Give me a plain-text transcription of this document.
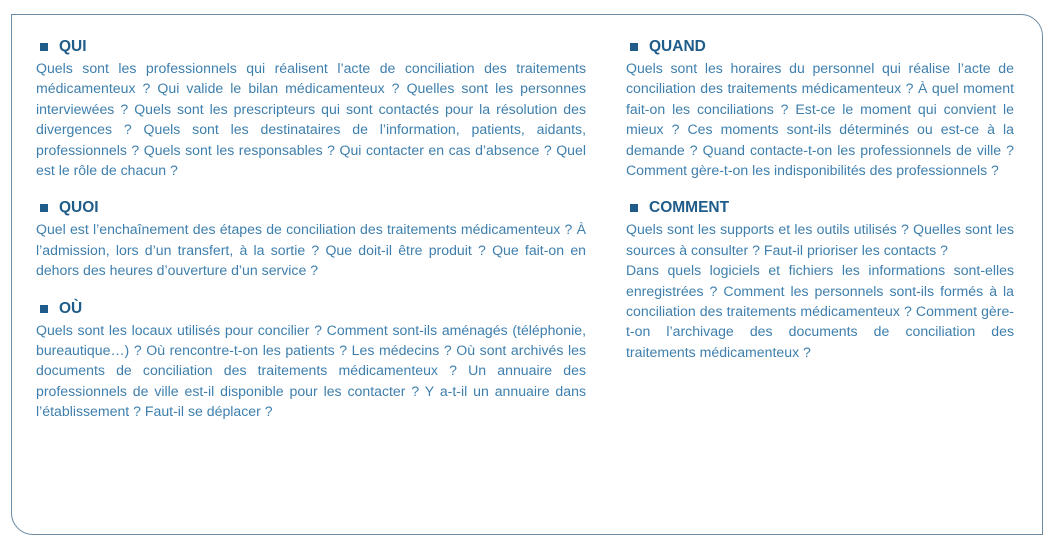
QUI

Quels sont les professionnels qui réalisent l’acte de conciliation des traitements médicamenteux ? Qui valide le bilan médicamenteux ? Quelles sont les personnes interviewées ? Quels sont les prescripteurs qui sont contactés pour la résolution des divergences ? Quels sont les destinataires de l’information, patients, aidants, professionnels ? Quels sont les responsables ? Qui contacter en cas d’absence ? Quel est le rôle de chacun ?

QUOI

Quel est l’enchaînement des étapes de conciliation des traitements médicamenteux ? À l’admission, lors d’un transfert, à la sortie ? Que doit-il être produit ? Que fait-on en dehors des heures d’ouverture d’un service ?

OÙ

Quels sont les locaux utilisés pour concilier ? Comment sont-ils aménagés (téléphonie, bureautique…) ? Où rencontre-t-on les patients ? Les médecins ? Où sont archivés les documents de conciliation des traitements médicamenteux ? Un annuaire des professionnels de ville est-il disponible pour les contacter ? Y a-t-il un annuaire dans l’établissement ? Faut-il se déplacer ?

QUAND

Quels sont les horaires du personnel qui réalise l’acte de conciliation des traitements médicamenteux ? À quel moment fait-on les conciliations ? Est-ce le moment qui convient le mieux ? Ces moments sont-ils déterminés ou est-ce à la demande ? Quand contacte-t-on les professionnels de ville ? Comment gère-t-on les indisponibilités des professionnels ?

COMMENT

Quels sont les supports et les outils utilisés ? Quelles sont les sources à consulter ? Faut-il prioriser les contacts ?

Dans quels logiciels et fichiers les informations sont-elles enregistrées ? Comment les personnels sont-ils formés à la conciliation des traitements médicamenteux ? Comment gère-t-on l’archivage des documents de conciliation des traitements médicamenteux ?
